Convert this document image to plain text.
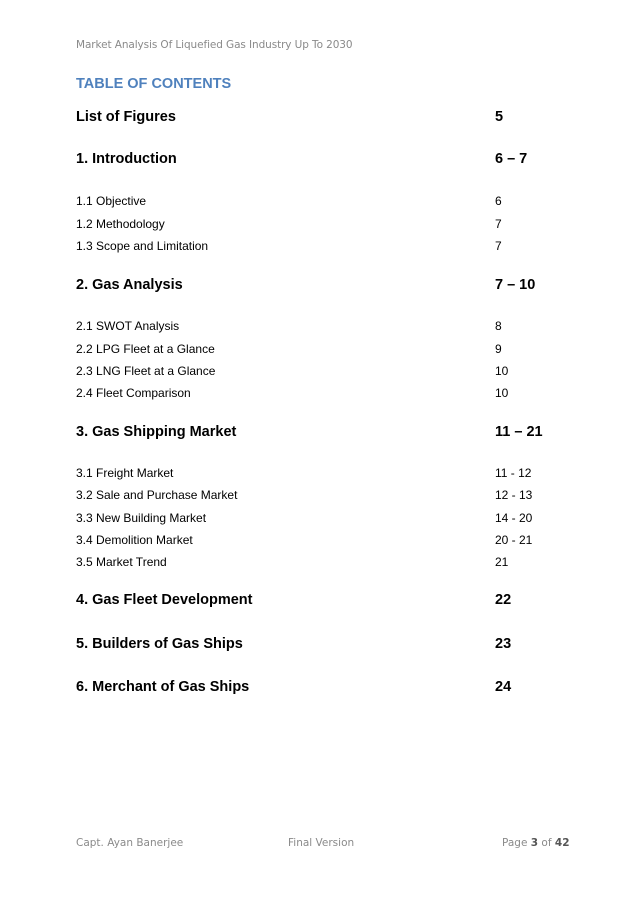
Market Analysis Of Liquefied Gas Industry Up To 2030
TABLE OF CONTENTS
List of Figures	5
1. Introduction	6 – 7
1.1 Objective	6
1.2 Methodology	7
1.3 Scope and Limitation	7
2. Gas Analysis	7 – 10
2.1 SWOT Analysis	8
2.2 LPG Fleet at a Glance	9
2.3 LNG Fleet at a Glance	10
2.4 Fleet Comparison	10
3. Gas Shipping Market	11 – 21
3.1 Freight Market	11 - 12
3.2 Sale and Purchase Market	12 - 13
3.3 New Building Market	14 - 20
3.4 Demolition Market	20 - 21
3.5 Market Trend	21
4. Gas Fleet Development	22
5. Builders of Gas Ships	23
6. Merchant of Gas Ships	24
Capt. Ayan Banerjee	Final Version	Page 3 of 42
